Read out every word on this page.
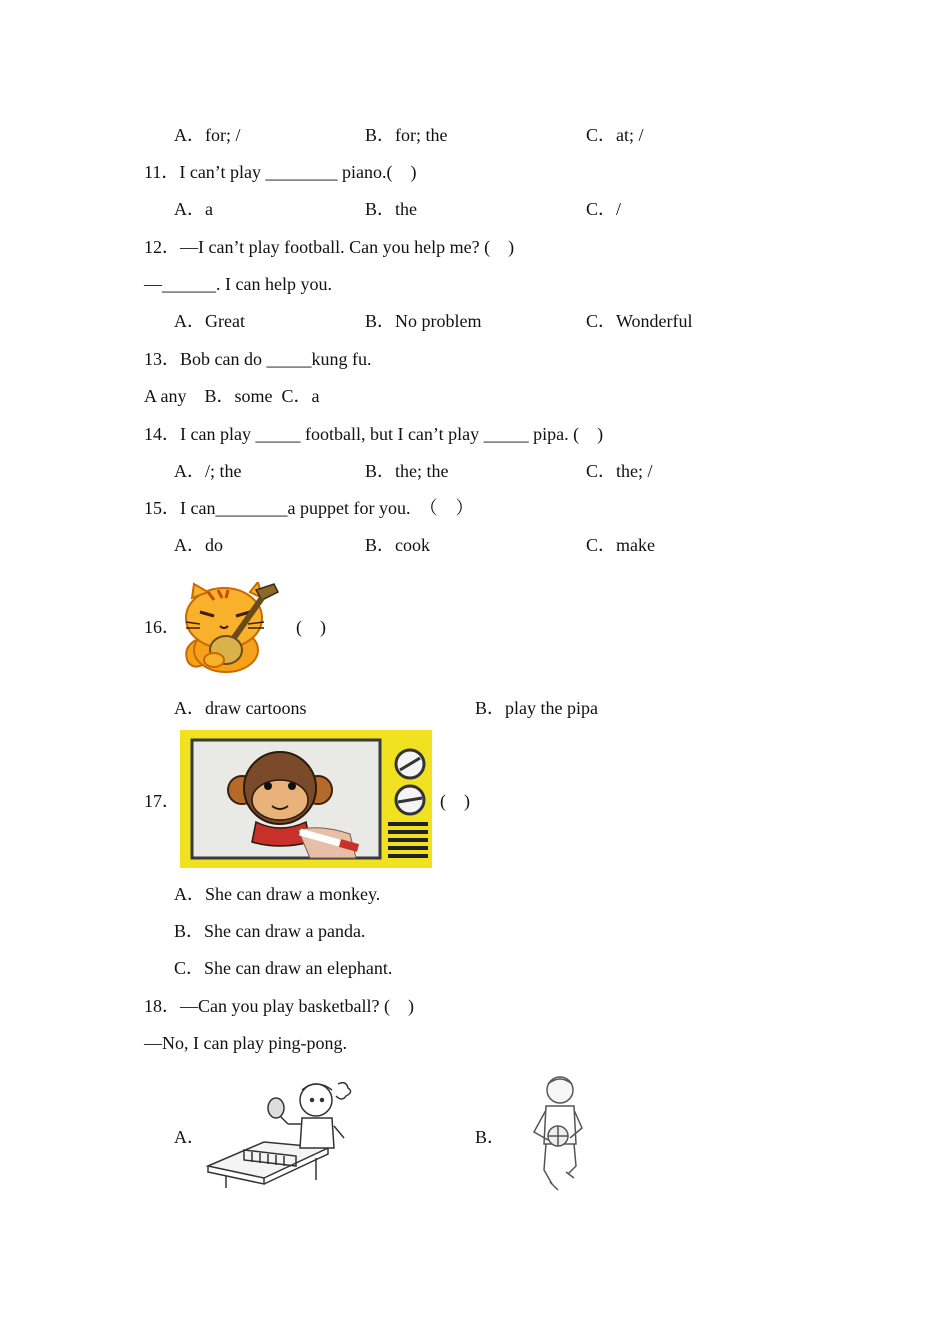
A．for; /	B．for; the	C．at; /
11．I can’t play ________ piano.(    )
A．a	B．the	C．/
12．—I can’t play football. Can you help me? (    )
—______. I can help you.
A．Great	B．No problem	C．Wonderful
13．Bob can do _____kung fu.
A any    B．some  C．a
14．I can play _____ football, but I can’t play _____ pipa. (    )
A．/; the	B．the; the	C．the; /
15．I can________a puppet for you.  （    ）
A．do	B．cook	C．make
16．	(    )
A．draw cartoons	B．play the pipa
17．	(    )
A．She can draw a monkey.
B．She can draw a panda.
C．She can draw an elephant.
18．—Can you play basketball? (    )
—No, I can play ping-pong.
A．	B．
